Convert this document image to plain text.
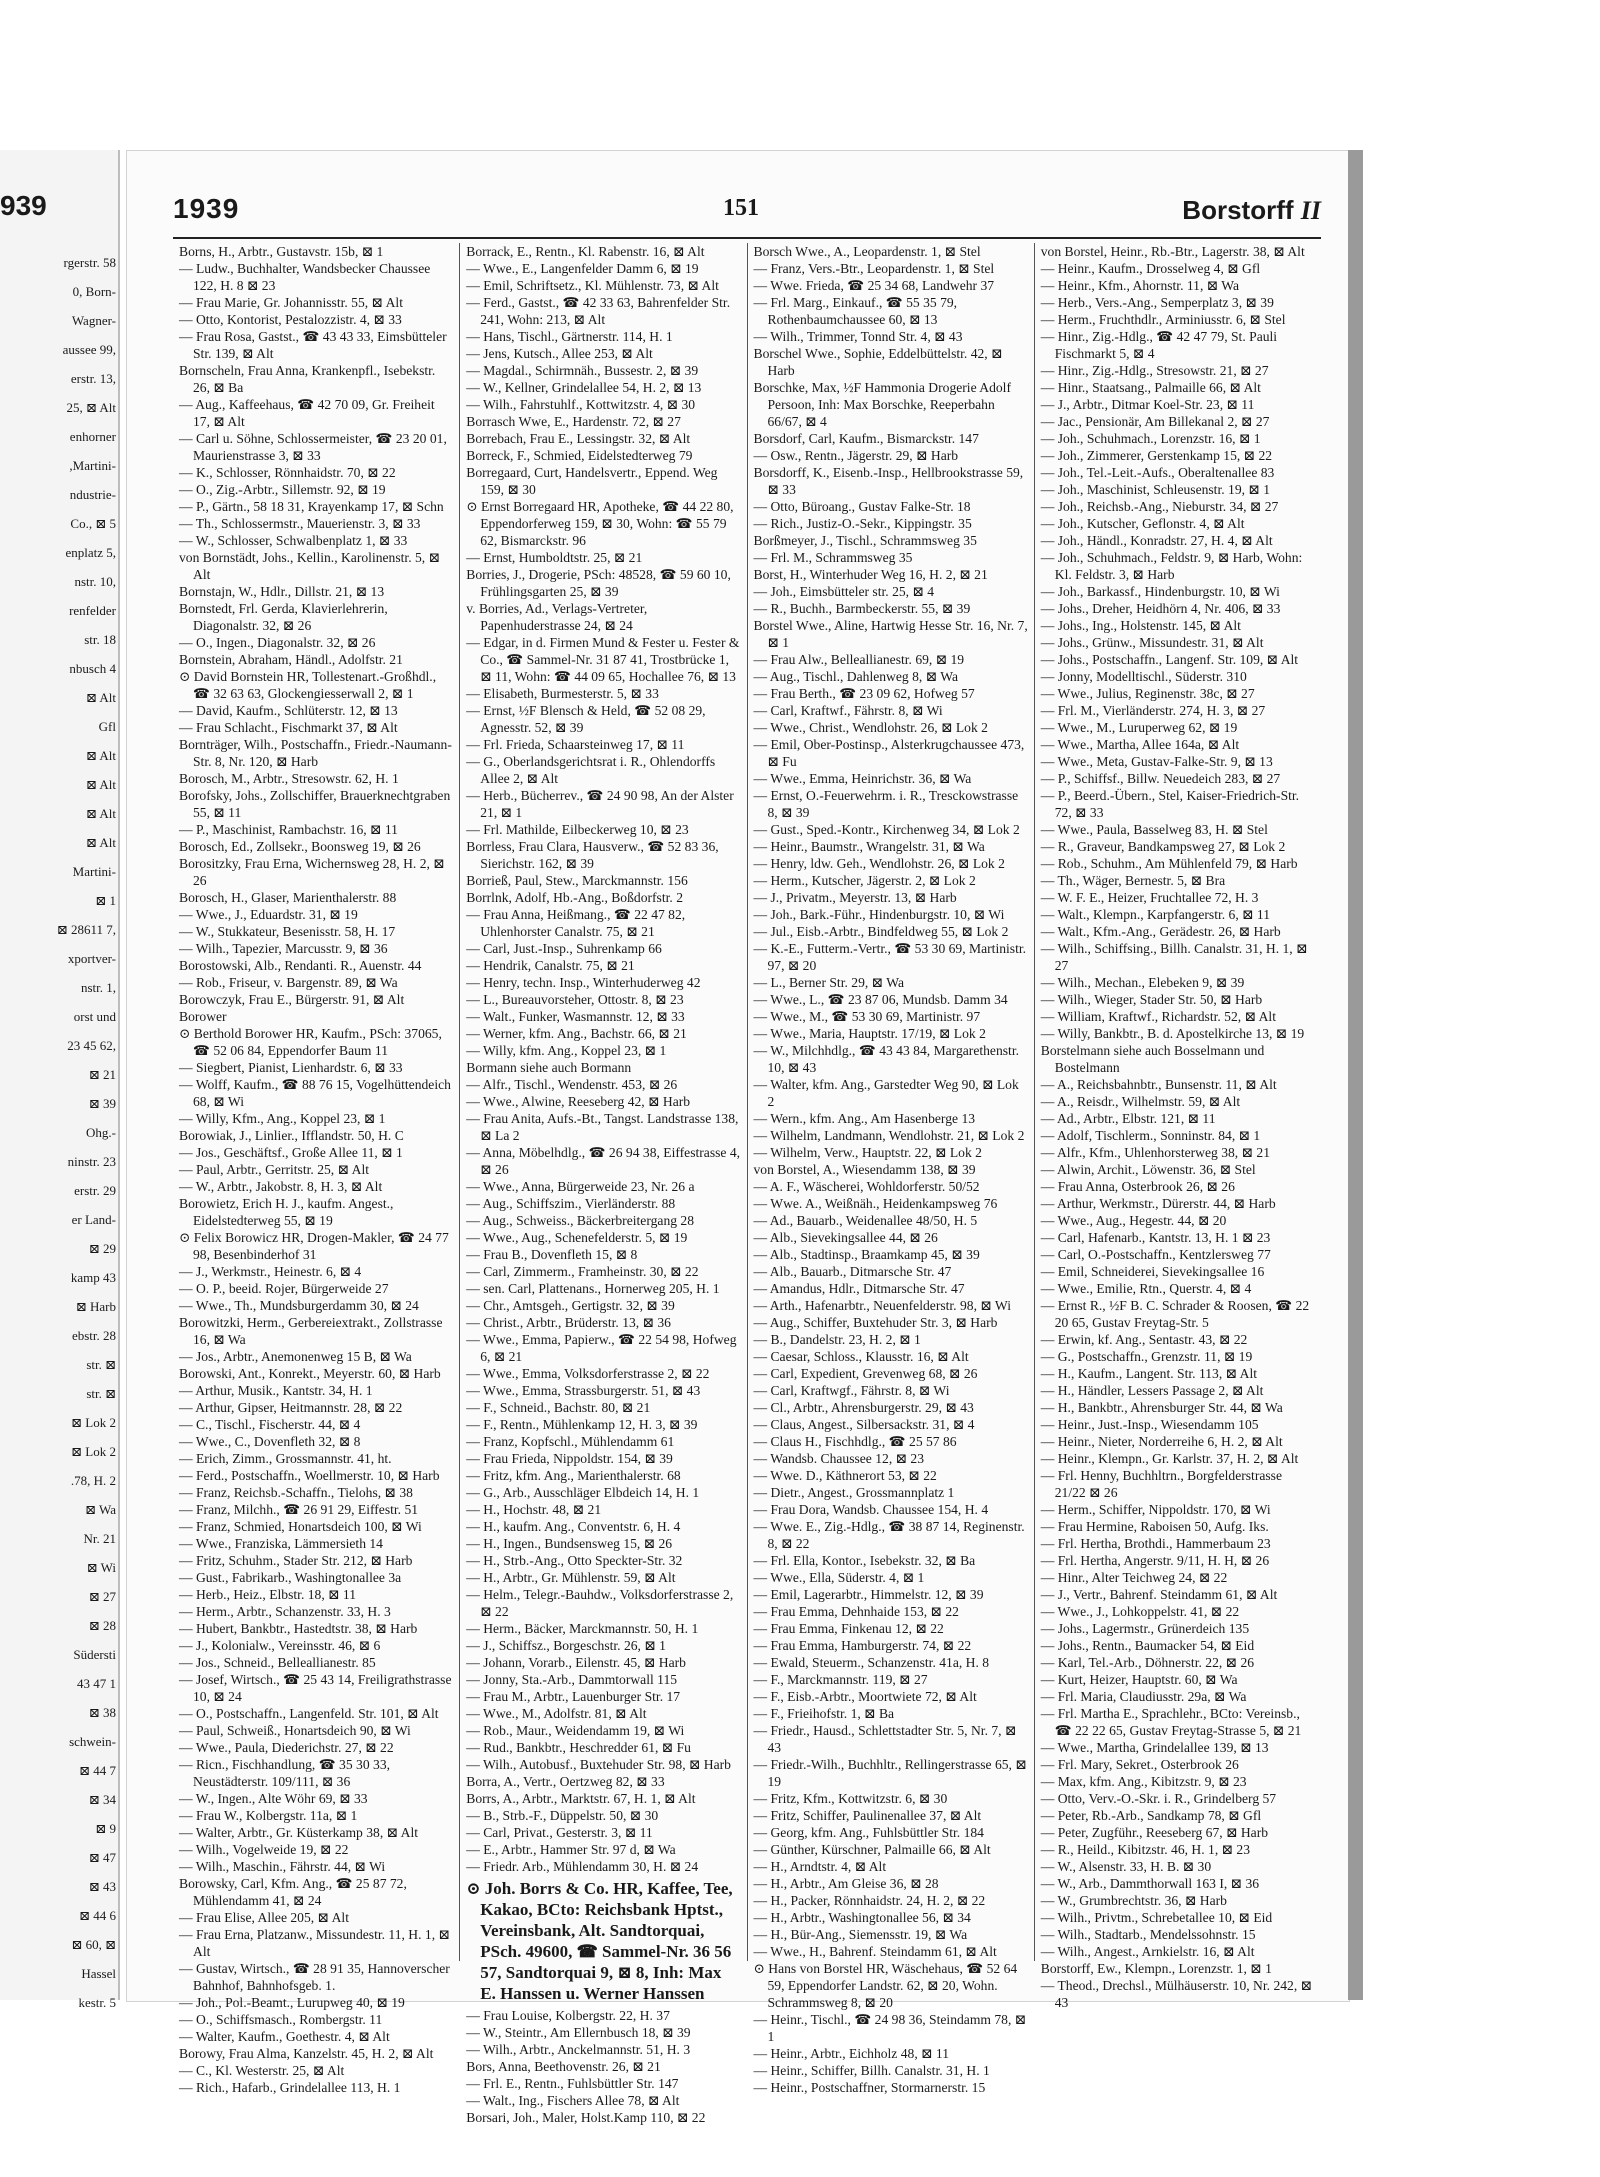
939
rgerstr. 58
0, Born-
Wagner-
aussee 99,
erstr. 13,
25, ⊠ Alt
enhorner
,Martini-
ndustrie-
Co., ⊠ 5
enplatz 5,
nstr. 10,
renfelder
str. 18
nbusch 4
⊠ Alt
Gfl
⊠ Alt
⊠ Alt
⊠ Alt
⊠ Alt
Martini-
⊠ 1
⊠ 28611 7,
xportver-
nstr. 1,
orst und
23 45 62,
⊠ 21
⊠ 39
Ohg.-
ninstr. 23
erstr. 29
er Land-
⊠ 29
kamp 43
⊠ Harb
ebstr. 28
str. ⊠
str. ⊠
⊠ Lok 2
⊠ Lok 2
.78, H. 2
⊠ Wa
Nr. 21
⊠ Wi
⊠ 27
⊠ 28
Südersti
43 47 1
⊠ 38
schwein-
⊠ 44 7
⊠ 34
⊠ 9
⊠ 47
⊠ 43
⊠ 44 6
⊠ 60, ⊠
Hassel
kestr. 5
1939	151	Borstorff II

Borns, H., Arbtr., Gustavstr. 15b, ⊠ 1

— Ludw., Buchhalter, Wandsbecker Chaussee 122, H. 8 ⊠ 23

— Frau Marie, Gr. Johannisstr. 55, ⊠ Alt

— Otto, Kontorist, Pestalozzistr. 4, ⊠ 33

— Frau Rosa, Gastst., ☎ 43 43 33, Eimsbütteler Str. 139, ⊠ Alt

Bornscheln, Frau Anna, Krankenpfl., Isebekstr. 26, ⊠ Ba

— Aug., Kaffeehaus, ☎ 42 70 09, Gr. Freiheit 17, ⊠ Alt

— Carl u. Söhne, Schlossermeister, ☎ 23 20 01, Maurienstrasse 3, ⊠ 33

— K., Schlosser, Rönnhaidstr. 70, ⊠ 22

— O., Zig.-Arbtr., Sillemstr. 92, ⊠ 19

— P., Gärtn., 58 18 31, Krayenkamp 17, ⊠ Schn

— Th., Schlossermstr., Mauerienstr. 3, ⊠ 33

— W., Schlosser, Schwalbenplatz 1, ⊠ 33

von Bornstädt, Johs., Kellin., Karolinenstr. 5, ⊠ Alt

Bornstajn, W., Hdlr., Dillstr. 21, ⊠ 13

Bornstedt, Frl. Gerda, Klavierlehrerin, Diagonalstr. 32, ⊠ 26

— O., Ingen., Diagonalstr. 32, ⊠ 26

Bornstein, Abraham, Händl., Adolfstr. 21

⊙ David Bornstein HR, Tollestenart.-Großhdl., ☎ 32 63 63, Glockengiesserwall 2, ⊠ 1

— David, Kaufm., Schlüterstr. 12, ⊠ 13

— Frau Schlacht., Fischmarkt 37, ⊠ Alt

Bornträger, Wilh., Postschaffn., Friedr.-Naumann-Str. 8, Nr. 120, ⊠ Harb

Borosch, M., Arbtr., Stresowstr. 62, H. 1

Borofsky, Johs., Zollschiffer, Brauerknechtgraben 55, ⊠ 11

— P., Maschinist, Rambachstr. 16, ⊠ 11

Borosch, Ed., Zollsekr., Boonsweg 19, ⊠ 26

Borositzky, Frau Erna, Wichernsweg 28, H. 2, ⊠ 26

Borosch, H., Glaser, Marienthalerstr. 88

— Wwe., J., Eduardstr. 31, ⊠ 19

— W., Stukkateur, Besenisstr. 58, H. 17

— Wilh., Tapezier, Marcusstr. 9, ⊠ 36

Borostowski, Alb., Rendanti. R., Auenstr. 44

— Rob., Friseur, v. Bargenstr. 89, ⊠ Wa

Borowczyk, Frau E., Bürgerstr. 91, ⊠ Alt

Borower

⊙ Berthold Borower HR, Kaufm., PSch: 37065, ☎ 52 06 84, Eppendorfer Baum 11

— Siegbert, Pianist, Lienhardstr. 6, ⊠ 33

— Wolff, Kaufm., ☎ 88 76 15, Vogelhüttendeich 68, ⊠ Wi

— Willy, Kfm., Ang., Koppel 23, ⊠ 1

Borowiak, J., Linlier., Ifflandstr. 50, H. C

— Jos., Geschäftsf., Große Allee 11, ⊠ 1

— Paul, Arbtr., Gerritstr. 25, ⊠ Alt

— W., Arbtr., Jakobstr. 8, H. 3, ⊠ Alt

Borowietz, Erich H. J., kaufm. Angest., Eidelstedterweg 55, ⊠ 19

⊙ Felix Borowicz HR, Drogen-Makler, ☎ 24 77 98, Besenbinderhof 31

— J., Werkmstr., Heinestr. 6, ⊠ 4

— O. P., beeid. Rojer, Bürgerweide 27

— Wwe., Th., Mundsburgerdamm 30, ⊠ 24

Borowitzki, Herm., Gerbereiextrakt., Zollstrasse 16, ⊠ Wa

— Jos., Arbtr., Anemonenweg 15 B, ⊠ Wa

Borowski, Ant., Konrekt., Meyerstr. 60, ⊠ Harb

— Arthur, Musik., Kantstr. 34, H. 1

— Arthur, Gipser, Heitmannstr. 28, ⊠ 22

— C., Tischl., Fischerstr. 44, ⊠ 4

— Wwe., C., Dovenfleth 32, ⊠ 8

— Erich, Zimm., Grossmannstr. 41, ht.

— Ferd., Postschaffn., Woellmerstr. 10, ⊠ Harb

— Franz, Reichsb.-Schaffn., Tielohs, ⊠ 38

— Franz, Milchh., ☎ 26 91 29, Eiffestr. 51

— Franz, Schmied, Honartsdeich 100, ⊠ Wi

— Wwe., Franziska, Lämmersieth 14

— Fritz, Schuhm., Stader Str. 212, ⊠ Harb

— Gust., Fabrikarb., Washingtonallee 3a

— Herb., Heiz., Elbstr. 18, ⊠ 11

— Herm., Arbtr., Schanzenstr. 33, H. 3

— Hubert, Bankbtr., Hastedtstr. 38, ⊠ Harb

— J., Kolonialw., Vereinsstr. 46, ⊠ 6

— Jos., Schneid., Belleallianestr. 85

— Josef, Wirtsch., ☎ 25 43 14, Freiligrathstrasse 10, ⊠ 24

— O., Postschaffn., Langenfeld. Str. 101, ⊠ Alt

— Paul, Schweiß., Honartsdeich 90, ⊠ Wi

— Wwe., Paula, Diederichstr. 27, ⊠ 22

— Ricn., Fischhandlung, ☎ 35 30 33, Neustädterstr. 109/111, ⊠ 36

— W., Ingen., Alte Wöhr 69, ⊠ 33

— Frau W., Kolbergstr. 11a, ⊠ 1

— Walter, Arbtr., Gr. Küsterkamp 38, ⊠ Alt

— Wilh., Vogelweide 19, ⊠ 22

— Wilh., Maschin., Fährstr. 44, ⊠ Wi

Borowsky, Carl, Kfm. Ang., ☎ 25 87 72, Mühlendamm 41, ⊠ 24

— Frau Elise, Allee 205, ⊠ Alt

— Frau Erna, Platzanw., Missundestr. 11, H. 1, ⊠ Alt

— Gustav, Wirtsch., ☎ 28 91 35, Hannoverscher Bahnhof, Bahnhofsgeb. 1.

— Joh., Pol.-Beamt., Lurupweg 40, ⊠ 19

— O., Schiffsmasch., Rombergstr. 11

— Walter, Kaufm., Goethestr. 4, ⊠ Alt

Borowy, Frau Alma, Kanzelstr. 45, H. 2, ⊠ Alt

— C., Kl. Westerstr. 25, ⊠ Alt

— Rich., Hafarb., Grindelallee 113, H. 1

Borrack, E., Rentn., Kl. Rabenstr. 16, ⊠ Alt

— Wwe., E., Langenfelder Damm 6, ⊠ 19

— Emil, Schriftsetz., Kl. Mühlenstr. 73, ⊠ Alt

— Ferd., Gastst., ☎ 42 33 63, Bahrenfelder Str. 241, Wohn: 213, ⊠ Alt

— Hans, Tischl., Gärtnerstr. 114, H. 1

— Jens, Kutsch., Allee 253, ⊠ Alt

— Magdal., Schirmnäh., Bussestr. 2, ⊠ 39

— W., Kellner, Grindelallee 54, H. 2, ⊠ 13

— Wilh., Fahrstuhlf., Kottwitzstr. 4, ⊠ 30

Borrasch Wwe, E., Hardenstr. 72, ⊠ 27

Borrebach, Frau E., Lessingstr. 32, ⊠ Alt

Borreck, F., Schmied, Eidelstedterweg 79

Borregaard, Curt, Handelsvertr., Eppend. Weg 159, ⊠ 30

⊙ Ernst Borregaard HR, Apotheke, ☎ 44 22 80, Eppendorferweg 159, ⊠ 30, Wohn: ☎ 55 79 62, Bismarckstr. 96

— Ernst, Humboldtstr. 25, ⊠ 21

Borries, J., Drogerie, PSch: 48528, ☎ 59 60 10, Frühlingsgarten 25, ⊠ 39

v. Borries, Ad., Verlags-Vertreter, Papenhuderstrasse 24, ⊠ 24

— Edgar, in d. Firmen Mund & Fester u. Fester & Co., ☎ Sammel-Nr. 31 87 41, Trostbrücke 1, ⊠ 11, Wohn: ☎ 44 09 65, Hochallee 76, ⊠ 13

— Elisabeth, Burmesterstr. 5, ⊠ 33

— Ernst, ½F Blensch & Held, ☎ 52 08 29, Agnesstr. 52, ⊠ 39

— Frl. Frieda, Schaarsteinweg 17, ⊠ 11

— G., Oberlandsgerichtsrat i. R., Ohlendorffs Allee 2, ⊠ Alt

— Herb., Bücherrev., ☎ 24 90 98, An der Alster 21, ⊠ 1

— Frl. Mathilde, Eilbeckerweg 10, ⊠ 23

Borrless, Frau Clara, Hausverw., ☎ 52 83 36, Sierichstr. 162, ⊠ 39

Borrieß, Paul, Stew., Marckmannstr. 156

Borrlnk, Adolf, Hb.-Ang., Boßdorfstr. 2

— Frau Anna, Heißmang., ☎ 22 47 82, Uhlenhorster Canalstr. 75, ⊠ 21

— Carl, Just.-Insp., Suhrenkamp 66

— Hendrik, Canalstr. 75, ⊠ 21

— Henry, techn. Insp., Winterhuderweg 42

— L., Bureauvorsteher, Ottostr. 8, ⊠ 23

— Walt., Funker, Wasmannstr. 12, ⊠ 33

— Werner, kfm. Ang., Bachstr. 66, ⊠ 21

— Willy, kfm. Ang., Koppel 23, ⊠ 1

Bormann siehe auch Bormann

— Alfr., Tischl., Wendenstr. 453, ⊠ 26

— Wwe., Alwine, Reeseberg 42, ⊠ Harb

— Frau Anita, Aufs.-Bt., Tangst. Landstrasse 138, ⊠ La 2

— Anna, Möbelhdlg., ☎ 26 94 38, Eiffestrasse 4, ⊠ 26

— Wwe., Anna, Bürgerweide 23, Nr. 26 a

— Aug., Schiffszim., Vierländerstr. 88

— Aug., Schweiss., Bäckerbreitergang 28

— Wwe., Aug., Schenefelderstr. 5, ⊠ 19

— Frau B., Dovenfleth 15, ⊠ 8

— Carl, Zimmerm., Framheinstr. 30, ⊠ 22

— sen. Carl, Plattenans., Hornerweg 205, H. 1

— Chr., Amtsgeh., Gertigstr. 32, ⊠ 39

— Christ., Arbtr., Brüderstr. 13, ⊠ 36

— Wwe., Emma, Papierw., ☎ 22 54 98, Hofweg 6, ⊠ 21

— Wwe., Emma, Volksdorferstrasse 2, ⊠ 22

— Wwe., Emma, Strassburgerstr. 51, ⊠ 43

— F., Schneid., Bachstr. 80, ⊠ 21

— F., Rentn., Mühlenkamp 12, H. 3, ⊠ 39

— Franz, Kopfschl., Mühlendamm 61

— Frau Frieda, Nippoldstr. 154, ⊠ 39

— Fritz, kfm. Ang., Marienthalerstr. 68

— G., Arb., Ausschläger Elbdeich 14, H. 1

— H., Hochstr. 48, ⊠ 21

— H., kaufm. Ang., Conventstr. 6, H. 4

— H., Ingen., Bundsensweg 15, ⊠ 26

— H., Strb.-Ang., Otto Speckter-Str. 32

— H., Arbtr., Gr. Mühlenstr. 59, ⊠ Alt

— Helm., Telegr.-Bauhdw., Volksdorferstrasse 2, ⊠ 22

— Herm., Bäcker, Marckmannstr. 50, H. 1

— J., Schiffsz., Borgeschstr. 26, ⊠ 1

— Johann, Vorarb., Eilenstr. 45, ⊠ Harb

— Jonny, Sta.-Arb., Dammtorwall 115

— Frau M., Arbtr., Lauenburger Str. 17

— Wwe., M., Adolfstr. 81, ⊠ Alt

— Rob., Maur., Weidendamm 19, ⊠ Wi

— Rud., Bankbtr., Heschredder 61, ⊠ Fu

— Wilh., Autobusf., Buxtehuder Str. 98, ⊠ Harb

Borra, A., Vertr., Oertzweg 82, ⊠ 33

Borrs, A., Arbtr., Marktstr. 67, H. 1, ⊠ Alt

— B., Strb.-F., Düppelstr. 50, ⊠ 30

— Carl, Privat., Gesterstr. 3, ⊠ 11

— E., Arbtr., Hammer Str. 97 d, ⊠ Wa

— Friedr. Arb., Mühlendamm 30, H. ⊠ 24

⊙ Joh. Borrs & Co. HR, Kaffee, Tee, Kakao, BCto: Reichsbank Hptst., Vereinsbank, Alt. Sandtorquai, PSch. 49600, ☎ Sammel-Nr. 36 56 57, Sandtorquai 9, ⊠ 8, Inh: Max E. Hanssen u. Werner Hanssen

— Frau Louise, Kolbergstr. 22, H. 37

— W., Steintr., Am Ellernbusch 18, ⊠ 39

— Wilh., Arbtr., Anckelmannstr. 51, H. 3

Bors, Anna, Beethovenstr. 26, ⊠ 21

— Frl. E., Rentn., Fuhlsbüttler Str. 147

— Walt., Ing., Fischers Allee 78, ⊠ Alt

Borsari, Joh., Maler, Holst.Kamp 110, ⊠ 22

Borsch Wwe., A., Leopardenstr. 1, ⊠ Stel

— Franz, Vers.-Btr., Leopardenstr. 1, ⊠ Stel

— Wwe. Frieda, ☎ 25 34 68, Landwehr 37

— Frl. Marg., Einkauf., ☎ 55 35 79, Rothenbaumchaussee 60, ⊠ 13

— Wilh., Trimmer, Tonnd Str. 4, ⊠ 43

Borschel Wwe., Sophie, Eddelbüttelstr. 42, ⊠ Harb

Borschke, Max, ½F Hammonia Drogerie Adolf Persoon, Inh: Max Borschke, Reeperbahn 66/67, ⊠ 4

Borsdorf, Carl, Kaufm., Bismarckstr. 147

— Osw., Rentn., Jägerstr. 29, ⊠ Harb

Borsdorff, K., Eisenb.-Insp., Hellbrookstrasse 59, ⊠ 33

— Otto, Büroang., Gustav Falke-Str. 18

— Rich., Justiz-O.-Sekr., Kippingstr. 35

Borßmeyer, J., Tischl., Schrammsweg 35

— Frl. M., Schrammsweg 35

Borst, H., Winterhuder Weg 16, H. 2, ⊠ 21

— Joh., Eimsbütteler str. 25, ⊠ 4

— R., Buchh., Barmbeckerstr. 55, ⊠ 39

Borstel Wwe., Aline, Hartwig Hesse Str. 16, Nr. 7, ⊠ 1

— Frau Alw., Belleallianestr. 69, ⊠ 19

— Aug., Tischl., Dahlenweg 8, ⊠ Wa

— Frau Berth., ☎ 23 09 62, Hofweg 57

— Carl, Kraftwf., Fährstr. 8, ⊠ Wi

— Wwe., Christ., Wendlohstr. 26, ⊠ Lok 2

— Emil, Ober-Postinsp., Alsterkrugchaussee 473, ⊠ Fu

— Wwe., Emma, Heinrichstr. 36, ⊠ Wa

— Ernst, O.-Feuerwehrm. i. R., Tresckowstrasse 8, ⊠ 39

— Gust., Sped.-Kontr., Kirchenweg 34, ⊠ Lok 2

— Heinr., Baumstr., Wrangelstr. 31, ⊠ Wa

— Henry, ldw. Geh., Wendlohstr. 26, ⊠ Lok 2

— Herm., Kutscher, Jägerstr. 2, ⊠ Lok 2

— J., Privatm., Meyerstr. 13, ⊠ Harb

— Joh., Bark.-Führ., Hindenburgstr. 10, ⊠ Wi

— Jul., Eisb.-Arbtr., Bindfeldweg 55, ⊠ Lok 2

— K.-E., Futterm.-Vertr., ☎ 53 30 69, Martinistr. 97, ⊠ 20

— L., Berner Str. 29, ⊠ Wa

— Wwe., L., ☎ 23 87 06, Mundsb. Damm 34

— Wwe., M., ☎ 53 30 69, Martinistr. 97

— Wwe., Maria, Hauptstr. 17/19, ⊠ Lok 2

— W., Milchhdlg., ☎ 43 43 84, Margarethenstr. 10, ⊠ 43

— Walter, kfm. Ang., Garstedter Weg 90, ⊠ Lok 2

— Wern., kfm. Ang., Am Hasenberge 13

— Wilhelm, Landmann, Wendlohstr. 21, ⊠ Lok 2

— Wilhelm, Verw., Hauptstr. 22, ⊠ Lok 2

von Borstel, A., Wiesendamm 138, ⊠ 39

— A. F., Wäscherei, Wohldorferstr. 50/52

— Wwe. A., Weißnäh., Heidenkampsweg 76

— Ad., Bauarb., Weidenallee 48/50, H. 5

— Alb., Sievekingsallee 44, ⊠ 26

— Alb., Stadtinsp., Braamkamp 45, ⊠ 39

— Alb., Bauarb., Ditmarsche Str. 47

— Amandus, Hdlr., Ditmarsche Str. 47

— Arth., Hafenarbtr., Neuenfelderstr. 98, ⊠ Wi

— Aug., Schiffer, Buxtehuder Str. 3, ⊠ Harb

— B., Dandelstr. 23, H. 2, ⊠ 1

— Caesar, Schloss., Klausstr. 16, ⊠ Alt

— Carl, Expedient, Grevenweg 68, ⊠ 26

— Carl, Kraftwgf., Fährstr. 8, ⊠ Wi

— Cl., Arbtr., Ahrensburgerstr. 29, ⊠ 43

— Claus, Angest., Silbersackstr. 31, ⊠ 4

— Claus H., Fischhdlg., ☎ 25 57 86

— Wandsb. Chaussee 12, ⊠ 23

— Wwe. D., Käthnerort 53, ⊠ 22

— Dietr., Angest., Grossmannplatz 1

— Frau Dora, Wandsb. Chaussee 154, H. 4

— Wwe. E., Zig.-Hdlg., ☎ 38 87 14, Reginenstr. 8, ⊠ 22

— Frl. Ella, Kontor., Isebekstr. 32, ⊠ Ba

— Wwe., Ella, Süderstr. 4, ⊠ 1

— Emil, Lagerarbtr., Himmelstr. 12, ⊠ 39

— Frau Emma, Dehnhaide 153, ⊠ 22

— Frau Emma, Finkenau 12, ⊠ 22

— Frau Emma, Hamburgerstr. 74, ⊠ 22

— Ewald, Steuerm., Schanzenstr. 41a, H. 8

— F., Marckmannstr. 119, ⊠ 27

— F., Eisb.-Arbtr., Moortwiete 72, ⊠ Alt

— F., Frieihofstr. 1, ⊠ Ba

— Friedr., Hausd., Schlettstadter Str. 5, Nr. 7, ⊠ 43

— Friedr.-Wilh., Buchhltr., Rellingerstrasse 65, ⊠ 19

— Fritz, Kfm., Kottwitzstr. 6, ⊠ 30

— Fritz, Schiffer, Paulinenallee 37, ⊠ Alt

— Georg, kfm. Ang., Fuhlsbüttler Str. 184

— Günther, Kürschner, Palmaille 66, ⊠ Alt

— H., Arndtstr. 4, ⊠ Alt

— H., Arbtr., Am Gleise 36, ⊠ 28

— H., Packer, Rönnhaidstr. 24, H. 2, ⊠ 22

— H., Arbtr., Washingtonallee 56, ⊠ 34

— H., Bür-Ang., Siemensstr. 19, ⊠ Wa

— Wwe., H., Bahrenf. Steindamm 61, ⊠ Alt

⊙ Hans von Borstel HR, Wäschehaus, ☎ 52 64 59, Eppendorfer Landstr. 62, ⊠ 20, Wohn. Schrammsweg 8, ⊠ 20

— Heinr., Tischl., ☎ 24 98 36, Steindamm 78, ⊠ 1

— Heinr., Arbtr., Eichholz 48, ⊠ 11

— Heinr., Schiffer, Billh. Canalstr. 31, H. 1

— Heinr., Postschaffner, Stormarnerstr. 15

von Borstel, Heinr., Rb.-Btr., Lagerstr. 38, ⊠ Alt

— Heinr., Kaufm., Drosselweg 4, ⊠ Gfl

— Heinr., Kfm., Ahornstr. 11, ⊠ Wa

— Herb., Vers.-Ang., Semperplatz 3, ⊠ 39

— Herm., Fruchthdlr., Arminiusstr. 6, ⊠ Stel

— Hinr., Zig.-Hdlg., ☎ 42 47 79, St. Pauli Fischmarkt 5, ⊠ 4

— Hinr., Zig.-Hdlg., Stresowstr. 21, ⊠ 27

— Hinr., Staatsang., Palmaille 66, ⊠ Alt

— J., Arbtr., Ditmar Koel-Str. 23, ⊠ 11

— Jac., Pensionär, Am Billekanal 2, ⊠ 27

— Joh., Schuhmach., Lorenzstr. 16, ⊠ 1

— Joh., Zimmerer, Gerstenkamp 15, ⊠ 22

— Joh., Tel.-Leit.-Aufs., Oberaltenallee 83

— Joh., Maschinist, Schleusenstr. 19, ⊠ 1

— Joh., Reichsb.-Ang., Nieburstr. 34, ⊠ 27

— Joh., Kutscher, Geflonstr. 4, ⊠ Alt

— Joh., Händl., Konradstr. 27, H. 4, ⊠ Alt

— Joh., Schuhmach., Feldstr. 9, ⊠ Harb, Wohn: Kl. Feldstr. 3, ⊠ Harb

— Joh., Barkassf., Hindenburgstr. 10, ⊠ Wi

— Johs., Dreher, Heidhörn 4, Nr. 406, ⊠ 33

— Johs., Ing., Holstenstr. 145, ⊠ Alt

— Johs., Grünw., Missundestr. 31, ⊠ Alt

— Johs., Postschaffn., Langenf. Str. 109, ⊠ Alt

— Jonny, Modelltischl., Süderstr. 310

— Wwe., Julius, Reginenstr. 38c, ⊠ 27

— Frl. M., Vierländerstr. 274, H. 3, ⊠ 27

— Wwe., M., Luruperweg 62, ⊠ 19

— Wwe., Martha, Allee 164a, ⊠ Alt

— Wwe., Meta, Gustav-Falke-Str. 9, ⊠ 13

— P., Schiffsf., Billw. Neuedeich 283, ⊠ 27

— P., Beerd.-Übern., Stel, Kaiser-Friedrich-Str. 72, ⊠ 33

— Wwe., Paula, Basselweg 83, H. ⊠ Stel

— R., Graveur, Bandkampsweg 27, ⊠ Lok 2

— Rob., Schuhm., Am Mühlenfeld 79, ⊠ Harb

— Th., Wäger, Bernestr. 5, ⊠ Bra

— W. F. E., Heizer, Fruchtallee 72, H. 3

— Walt., Klempn., Karpfangerstr. 6, ⊠ 11

— Walt., Kfm.-Ang., Gerädestr. 26, ⊠ Harb

— Wilh., Schiffsing., Billh. Canalstr. 31, H. 1, ⊠ 27

— Wilh., Mechan., Elebeken 9, ⊠ 39

— Wilh., Wieger, Stader Str. 50, ⊠ Harb

— William, Kraftwf., Richardstr. 52, ⊠ Alt

— Willy, Bankbtr., B. d. Apostelkirche 13, ⊠ 19

Borstelmann siehe auch Bosselmann und Bostelmann

— A., Reichsbahnbtr., Bunsenstr. 11, ⊠ Alt

— A., Reisdr., Wilhelmstr. 59, ⊠ Alt

— Ad., Arbtr., Elbstr. 121, ⊠ 11

— Adolf, Tischlerm., Sonninstr. 84, ⊠ 1

— Alfr., Kfm., Uhlenhorsterweg 38, ⊠ 21

— Alwin, Archit., Löwenstr. 36, ⊠ Stel

— Frau Anna, Osterbrook 26, ⊠ 26

— Arthur, Werkmstr., Dürerstr. 44, ⊠ Harb

— Wwe., Aug., Hegestr. 44, ⊠ 20

— Carl, Hafenarb., Kantstr. 13, H. 1 ⊠ 23

— Carl, O.-Postschaffn., Kentzlersweg 77

— Emil, Schneiderei, Sievekingsallee 16

— Wwe., Emilie, Rtn., Querstr. 4, ⊠ 4

— Ernst R., ½F B. C. Schrader & Roosen, ☎ 22 20 65, Gustav Freytag-Str. 5

— Erwin, kf. Ang., Sentastr. 43, ⊠ 22

— G., Postschaffn., Grenzstr. 11, ⊠ 19

— H., Kaufm., Langent. Str. 113, ⊠ Alt

— H., Händler, Lessers Passage 2, ⊠ Alt

— H., Bankbtr., Ahrensburger Str. 44, ⊠ Wa

— Heinr., Just.-Insp., Wiesendamm 105

— Heinr., Nieter, Norderreihe 6, H. 2, ⊠ Alt

— Heinr., Klempn., Gr. Karlstr. 37, H. 2, ⊠ Alt

— Frl. Henny, Buchhltrn., Borgfelderstrasse 21/22 ⊠ 26

— Herm., Schiffer, Nippoldstr. 170, ⊠ Wi

— Frau Hermine, Raboisen 50, Aufg. Iks.

— Frl. Hertha, Brothdi., Hammerbaum 23

— Frl. Hertha, Angerstr. 9/11, H. H, ⊠ 26

— Hinr., Alter Teichweg 24, ⊠ 22

— J., Vertr., Bahrenf. Steindamm 61, ⊠ Alt

— Wwe., J., Lohkoppelstr. 41, ⊠ 22

— Johs., Lagermstr., Grünerdeich 135

— Johs., Rentn., Baumacker 54, ⊠ Eid

— Karl, Tel.-Arb., Döhnerstr. 22, ⊠ 26

— Kurt, Heizer, Hauptstr. 60, ⊠ Wa

— Frl. Maria, Claudiusstr. 29a, ⊠ Wa

— Frl. Martha E., Sprachlehr., BCto: Vereinsb., ☎ 22 22 65, Gustav Freytag-Strasse 5, ⊠ 21

— Wwe., Martha, Grindelallee 139, ⊠ 13

— Frl. Mary, Sekret., Osterbrook 26

— Max, kfm. Ang., Kibitzstr. 9, ⊠ 23

— Otto, Verv.-O.-Skr. i. R., Grindelberg 57

— Peter, Rb.-Arb., Sandkamp 78, ⊠ Gfl

— Peter, Zugführ., Reeseberg 67, ⊠ Harb

— R., Heild., Kibitzstr. 46, H. 1, ⊠ 23

— W., Alsenstr. 33, H. B. ⊠ 30

— W., Arb., Dammthorwall 163 I, ⊠ 36

— W., Grumbrechtstr. 36, ⊠ Harb

— Wilh., Privtm., Schrebetallee 10, ⊠ Eid

— Wilh., Stadtarb., Mendelssohnstr. 15

— Wilh., Angest., Arnkielstr. 16, ⊠ Alt

Borstorff, Ew., Klempn., Lorenzstr. 1, ⊠ 1

— Theod., Drechsl., Mülhäuserstr. 10, Nr. 242, ⊠ 43
